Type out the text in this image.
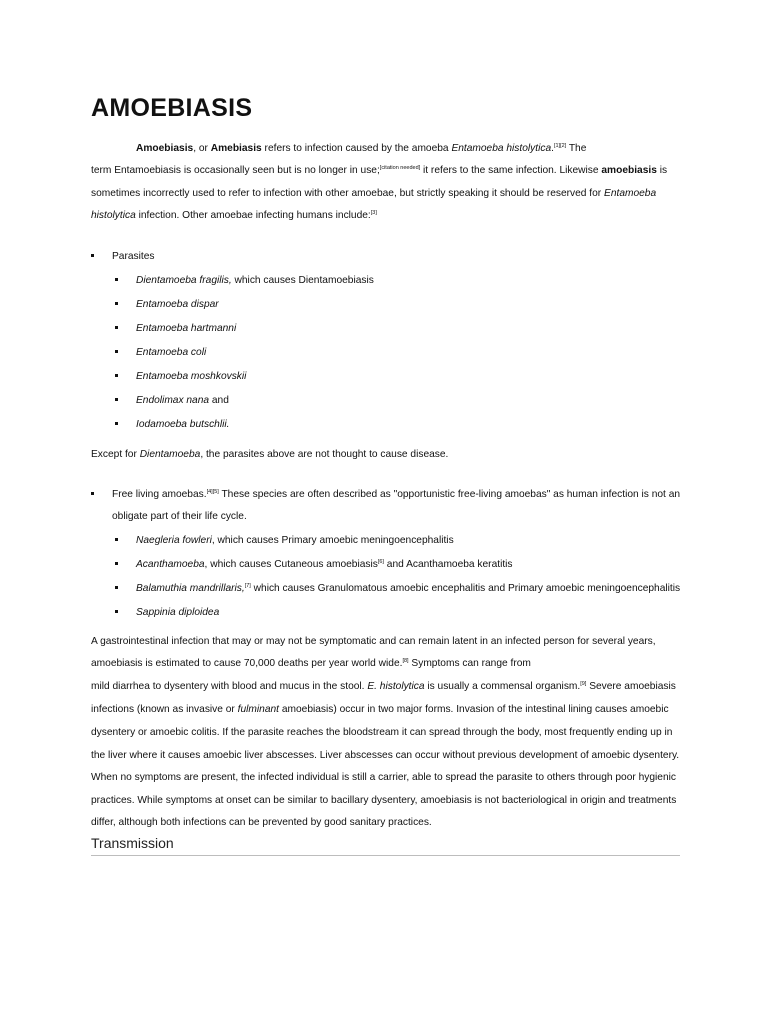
AMOEBIASIS
Amoebiasis, or Amebiasis refers to infection caused by the amoeba Entamoeba histolytica.[1][2] The
term Entamoebiasis is occasionally seen but is no longer in use;[citation needed] it refers to the same infection. Likewise amoebiasis is
sometimes incorrectly used to refer to infection with other amoebae, but strictly speaking it should be reserved for Entamoeba
histolytica infection. Other amoebae infecting humans include:[3]
Parasites
Dientamoeba fragilis, which causes Dientamoebiasis
Entamoeba dispar
Entamoeba hartmanni
Entamoeba coli
Entamoeba moshkovskii
Endolimax nana and
Iodamoeba butschlii.
Except for Dientamoeba, the parasites above are not thought to cause disease.
Free living amoebas.[4][5] These species are often described as "opportunistic free-living amoebas" as human infection is not an
obligate part of their life cycle.
Naegleria fowleri, which causes Primary amoebic meningoencephalitis
Acanthamoeba, which causes Cutaneous amoebiasis[6] and Acanthamoeba keratitis
Balamuthia mandrillaris,[7] which causes Granulomatous amoebic encephalitis and Primary amoebic meningoencephalitis
Sappinia diploidea
A gastrointestinal infection that may or may not be symptomatic and can remain latent in an infected person for several years,
amoebiasis is estimated to cause 70,000 deaths per year world wide.[8] Symptoms can range from
mild diarrhea to dysentery with blood and mucus in the stool. E. histolytica is usually a commensal organism.[9] Severe amoebiasis
infections (known as invasive or fulminant amoebiasis) occur in two major forms. Invasion of the intestinal lining causes amoebic
dysentery or amoebic colitis. If the parasite reaches the bloodstream it can spread through the body, most frequently ending up in
the liver where it causes amoebic liver abscesses. Liver abscesses can occur without previous development of amoebic dysentery.
When no symptoms are present, the infected individual is still a carrier, able to spread the parasite to others through poor hygienic
practices. While symptoms at onset can be similar to bacillary dysentery, amoebiasis is not bacteriological in origin and treatments
differ, although both infections can be prevented by good sanitary practices.
Transmission
